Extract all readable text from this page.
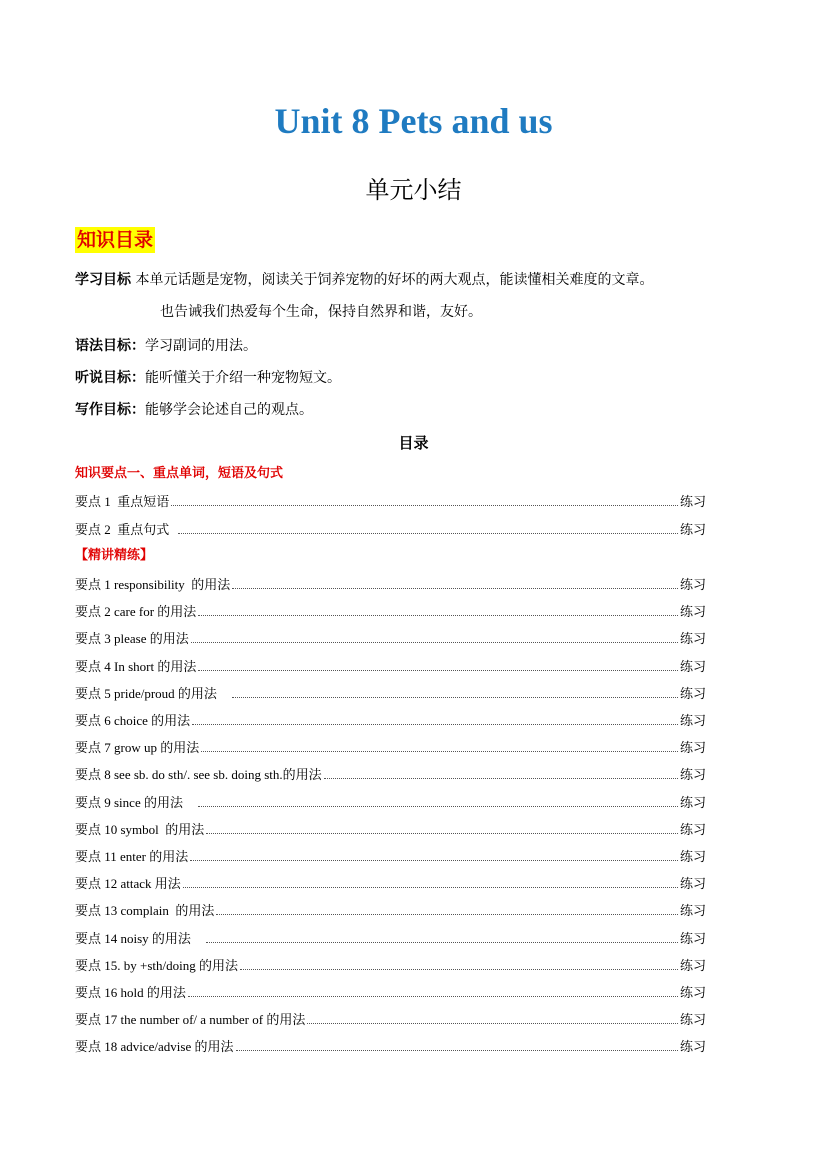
Unit 8 Pets and us
单元小结
知识目录
学习目标 本单元话题是宠物，阅读关于饲养宠物的好坏的两大观点，能读懂相关难度的文章。
也告诫我们热爱每个生命，保持自然界和谐，友好。
语法目标：学习副词的用法。
听说目标：能听懂关于介绍一种宠物短文。
写作目标：能够学会论述自己的观点。
目录
知识要点一、重点单词，短语及句式
要点 1  重点短语	练习
要点 2  重点句式	练习
【精讲精练】
要点 1 responsibility  的用法	练习
要点 2 care for 的用法	练习
要点 3 please 的用法	练习
要点 4 In short 的用法	练习
要点 5 pride/proud 的用法	练习
要点 6 choice 的用法	练习
要点 7 grow up 的用法	练习
要点 8 see sb. do sth/. see sb. doing sth.的用法	练习
要点 9 since 的用法	练习
要点 10 symbol  的用法	练习
要点 11 enter 的用法	练习
要点 12 attack 用法	练习
要点 13 complain  的用法	练习
要点 14 noisy 的用法	练习
要点 15. by +sth/doing 的用法	练习
要点 16 hold 的用法	练习
要点 17 the number of/ a number of 的用法	练习
要点 18 advice/advise 的用法	练习
